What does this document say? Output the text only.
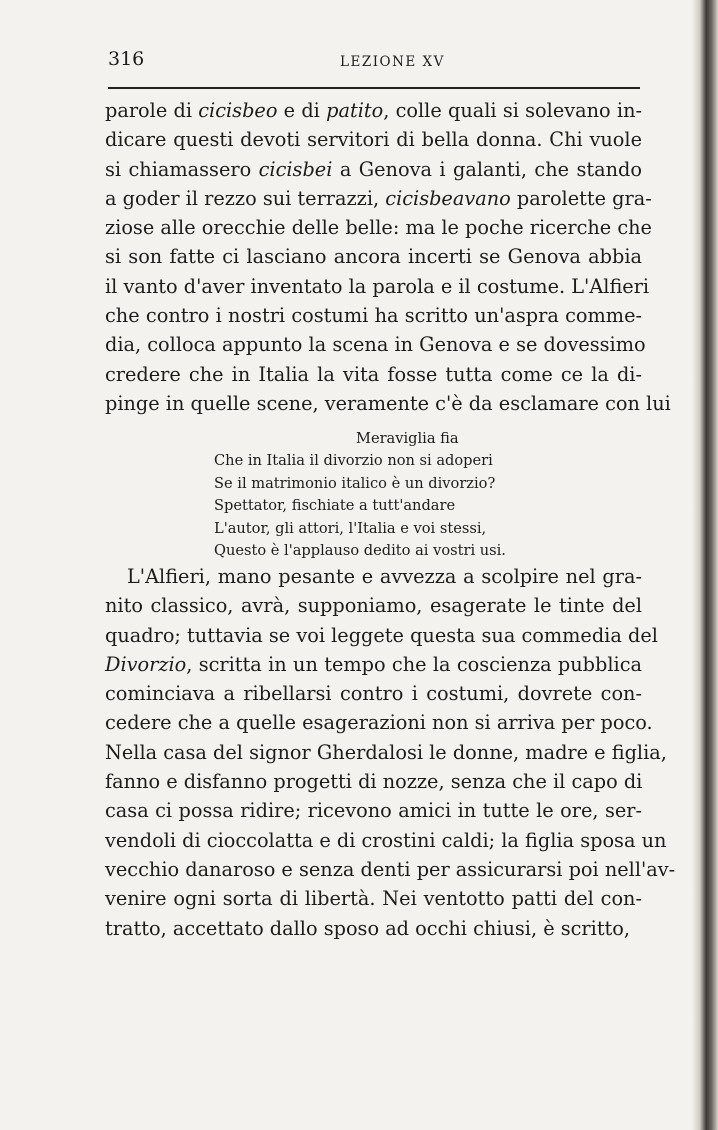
316	LEZIONE XV
parole di cicisbeo e di patito, colle quali si solevano in-
dicare questi devoti servitori di bella donna. Chi vuole
si chiamassero cicisbei a Genova i galanti, che stando
a goder il rezzo sui terrazzi, cicisbeavano parolette gra-
ziose alle orecchie delle belle: ma le poche ricerche che
si son fatte ci lasciano ancora incerti se Genova abbia
il vanto d'aver inventato la parola e il costume. L'Alfieri
che contro i nostri costumi ha scritto un'aspra comme-
dia, colloca appunto la scena in Genova e se dovessimo
credere che in Italia la vita fosse tutta come ce la di-
pinge in quelle scene, veramente c'è da esclamare con lui
Meraviglia fia
Che in Italia il divorzio non si adoperi
Se il matrimonio italico è un divorzio?
Spettator, fischiate a tutt'andare
L'autor, gli attori, l'Italia e voi stessi,
Questo è l'applauso dedito ai vostri usi.
L'Alfieri, mano pesante e avvezza a scolpire nel gra-
nito classico, avrà, supponiamo, esagerate le tinte del
quadro; tuttavia se voi leggete questa sua commedia del
Divorzio, scritta in un tempo che la coscienza pubblica
cominciava a ribellarsi contro i costumi, dovrete con-
cedere che a quelle esagerazioni non si arriva per poco.
Nella casa del signor Gherdalosi le donne, madre e figlia,
fanno e disfanno progetti di nozze, senza che il capo di
casa ci possa ridire; ricevono amici in tutte le ore, ser-
vendoli di cioccolatta e di crostini caldi; la figlia sposa un
vecchio danaroso e senza denti per assicurarsi poi nell'av-
venire ogni sorta di libertà. Nei ventotto patti del con-
tratto, accettato dallo sposo ad occhi chiusi, è scritto,
